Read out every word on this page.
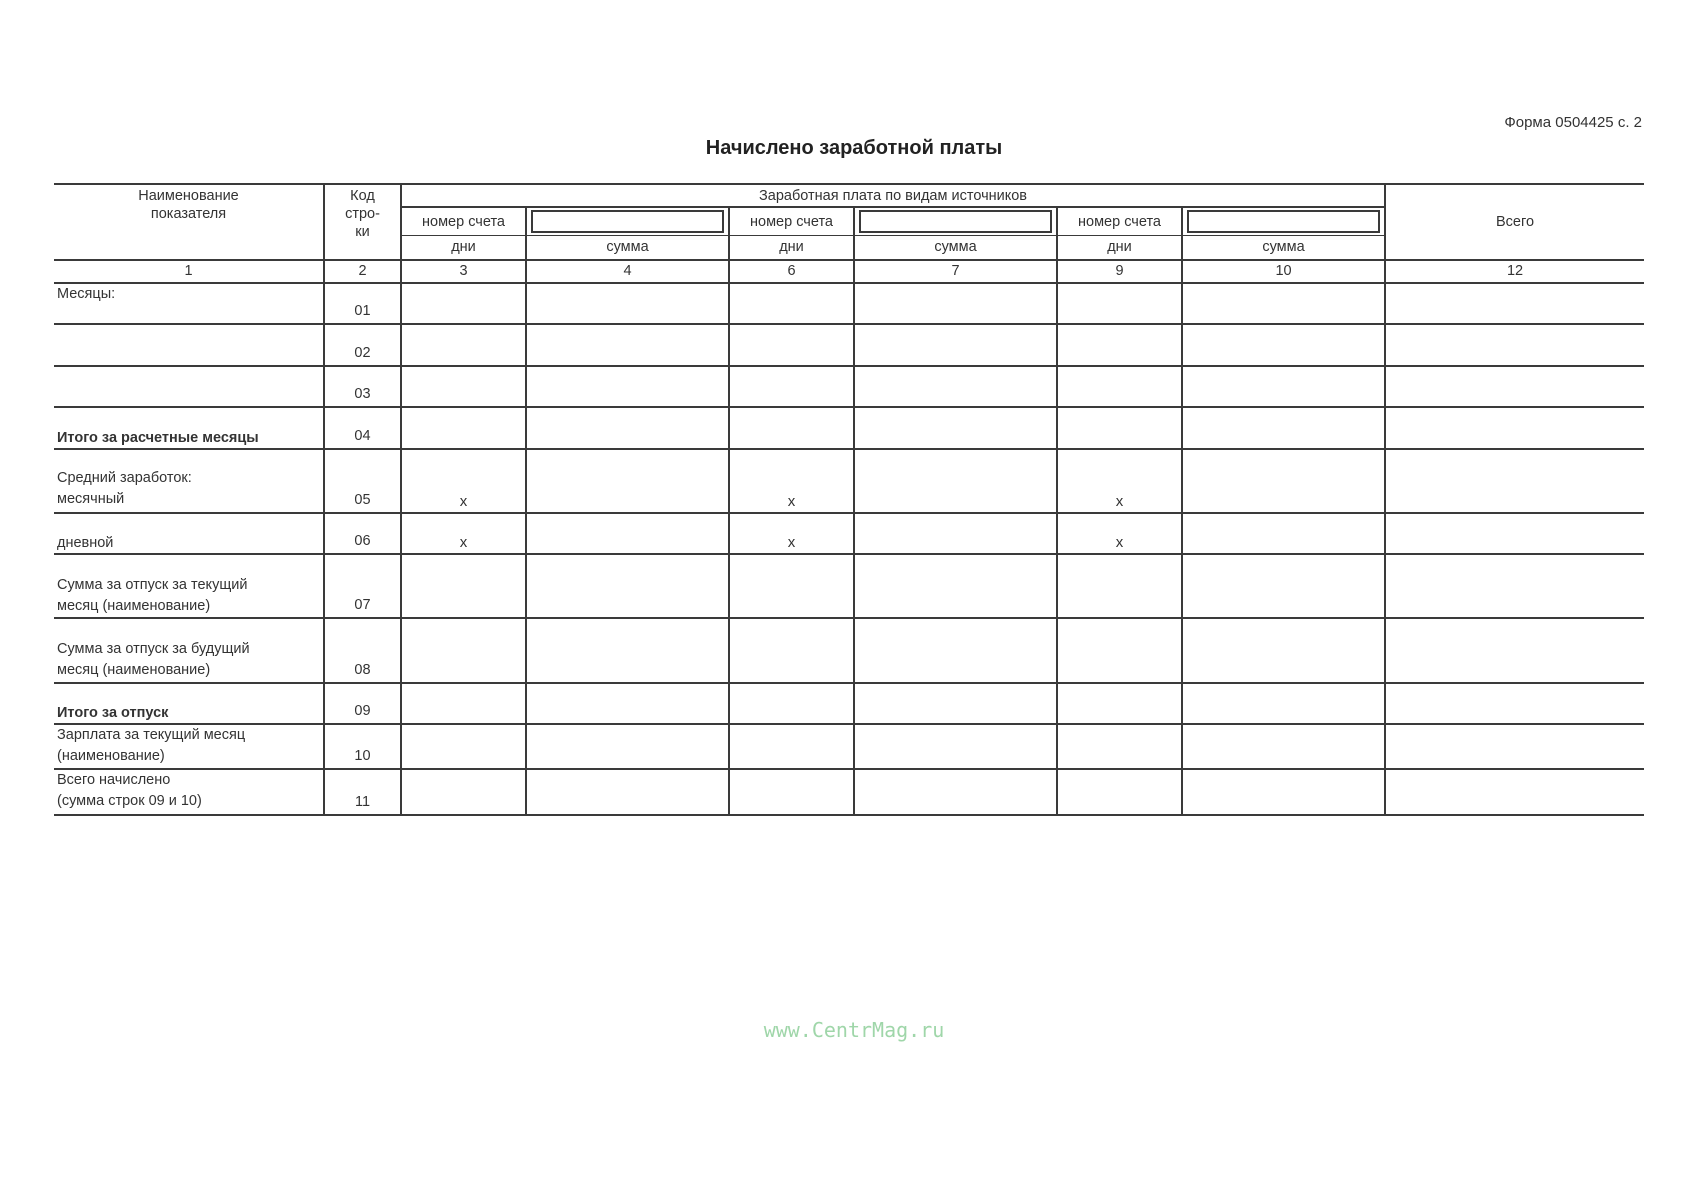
Форма 0504425 с. 2
Начислено заработной платы
Наименование показателя	Код стро- ки	Заработная плата по видам источников						Всего
		номер счета		номер счета		номер счета		

		дни	сумма	дни	сумма	дни	сумма	
1	2	3	4	6	7	9	10	12

Месяцы:	01							

	02							

	03							
Итого за расчетные месяцы	04							

Средний заработок:
месячный	05	x		x		x		
дневной	06	x		x		x		

Сумма за отпуск за текущий
месяц (наименование)	07							

Сумма за отпуск за будущий
месяц (наименование)	08							
Итого за отпуск	09							

Зарплата за текущий месяц
(наименование)	10							

Всего начислено
(сумма строк 09 и 10)	11							
www.CentrMag.ru
